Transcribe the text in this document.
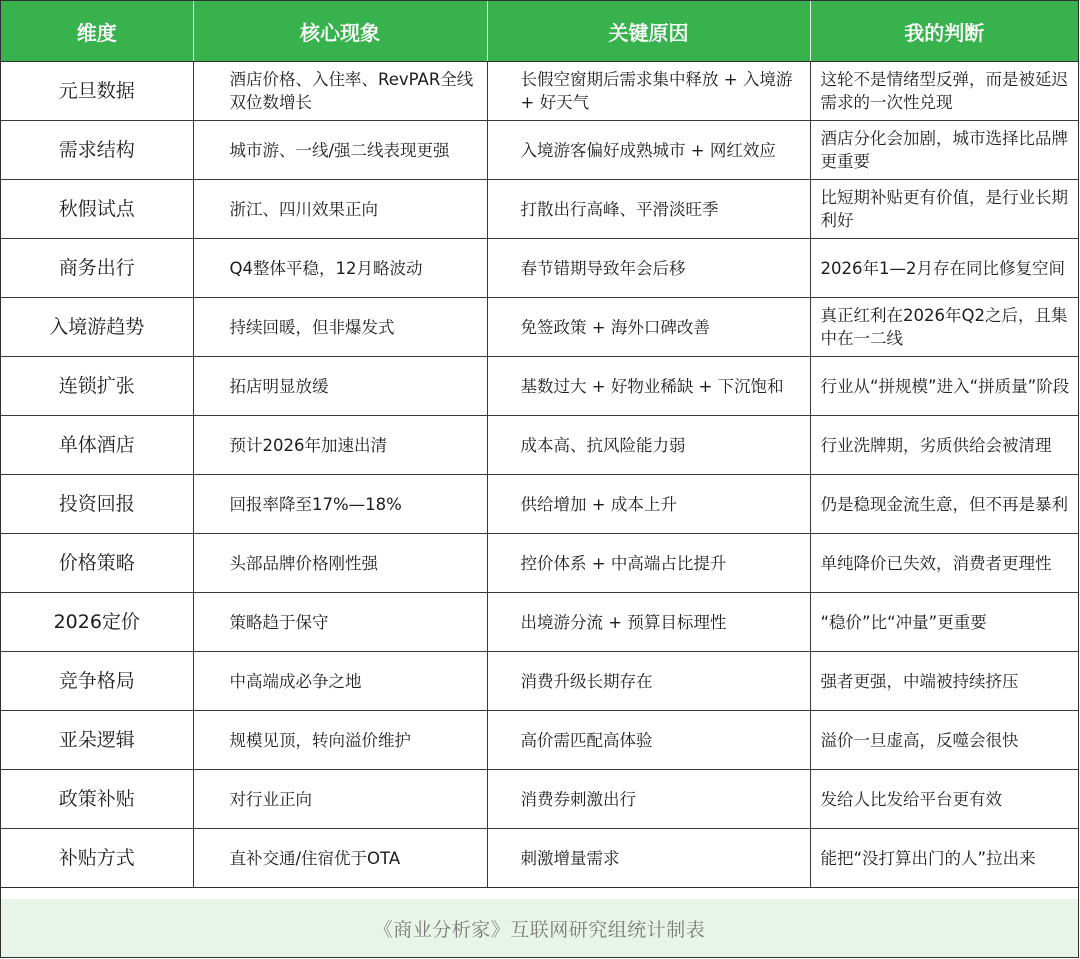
维度	核心现象	关键原因	我的判断
元旦数据	酒店价格、入住率、RevPAR全线双位数增长	长假空窗期后需求集中释放 + 入境游 + 好天气	这轮不是情绪型反弹，而是被延迟需求的一次性兑现
需求结构	城市游、一线/强二线表现更强	入境游客偏好成熟城市 + 网红效应	酒店分化会加剧，城市选择比品牌更重要
秋假试点	浙江、四川效果正向	打散出行高峰、平滑淡旺季	比短期补贴更有价值，是行业长期利好
商务出行	Q4整体平稳，12月略波动	春节错期导致年会后移	2026年1—2月存在同比修复空间
入境游趋势	持续回暖，但非爆发式	免签政策 + 海外口碑改善	真正红利在2026年Q2之后，且集中在一二线
连锁扩张	拓店明显放缓	基数过大 + 好物业稀缺 + 下沉饱和	行业从“拼规模”进入“拼质量”阶段
单体酒店	预计2026年加速出清	成本高、抗风险能力弱	行业洗牌期，劣质供给会被清理
投资回报	回报率降至17%—18%	供给增加 + 成本上升	仍是稳现金流生意，但不再是暴利
价格策略	头部品牌价格刚性强	控价体系 + 中高端占比提升	单纯降价已失效，消费者更理性
2026定价	策略趋于保守	出境游分流 + 预算目标理性	“稳价”比“冲量”更重要
竞争格局	中高端成必争之地	消费升级长期存在	强者更强，中端被持续挤压
亚朵逻辑	规模见顶，转向溢价维护	高价需匹配高体验	溢价一旦虚高，反噬会很快
政策补贴	对行业正向	消费券刺激出行	发给人比发给平台更有效
补贴方式	直补交通/住宿优于OTA	刺激增量需求	能把“没打算出门的人”拉出来
《商业分析家》互联网研究组统计制表
